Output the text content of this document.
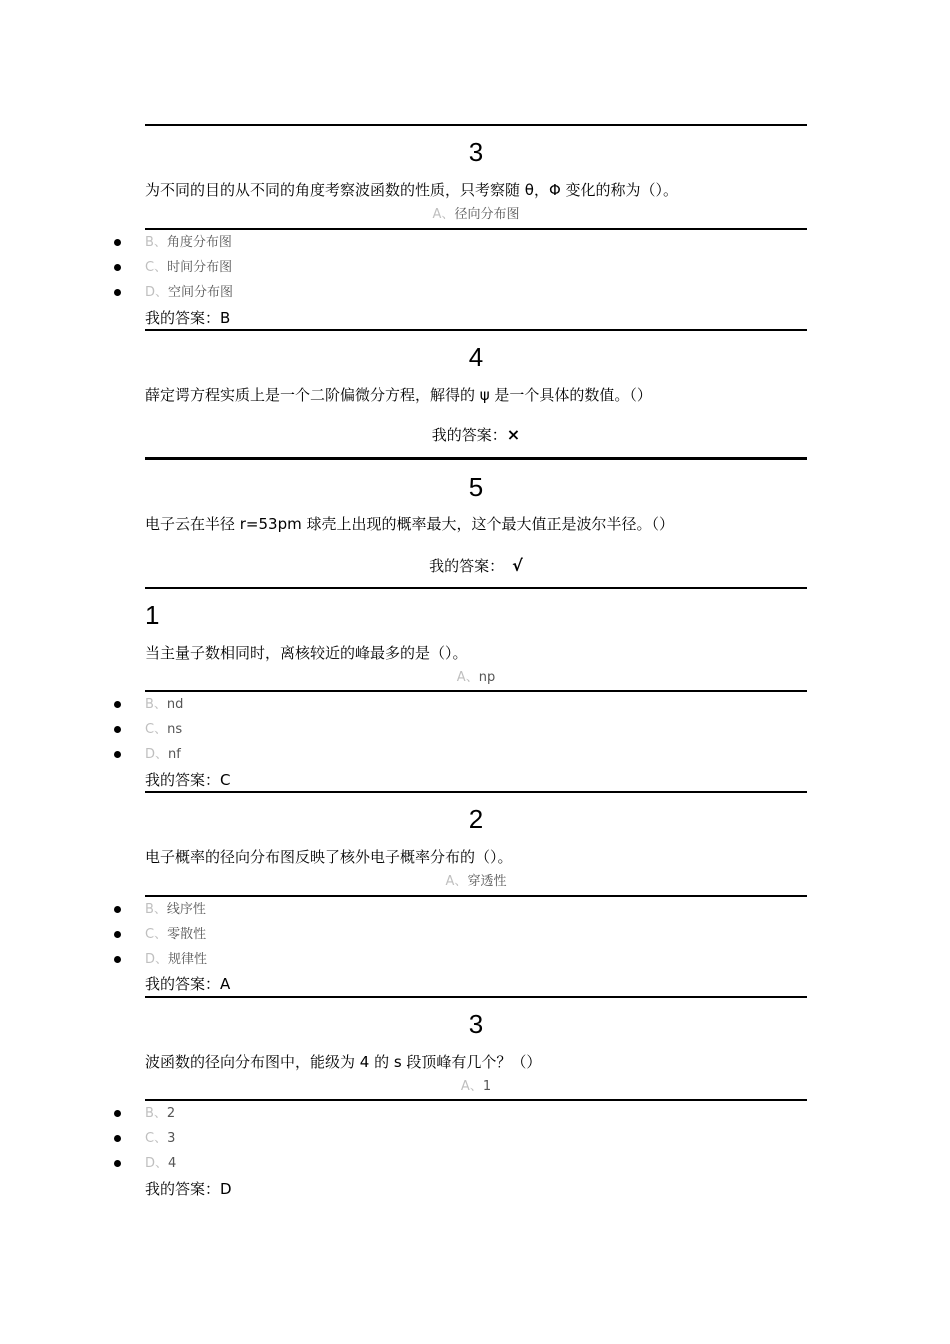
3
为不同的目的从不同的角度考察波函数的性质，只考察随 θ，Φ 变化的称为（）。
A、径向分布图
B、角度分布图
C、时间分布图
D、空间分布图
我的答案：B
4
薛定谔方程实质上是一个二阶偏微分方程，解得的 ψ 是一个具体的数值。（）
我的答案：×
5
电子云在半径 r=53pm 球壳上出现的概率最大，这个最大值正是波尔半径。（）
我的答案： √
1
当主量子数相同时，离核较近的峰最多的是（）。
A、np
B、nd
C、ns
D、nf
我的答案：C
2
电子概率的径向分布图反映了核外电子概率分布的（）。
A、穿透性
B、线序性
C、零散性
D、规律性
我的答案：A
3
波函数的径向分布图中，能级为 4 的 s 段顶峰有几个？（）
A、1
B、2
C、3
D、4
我的答案：D
